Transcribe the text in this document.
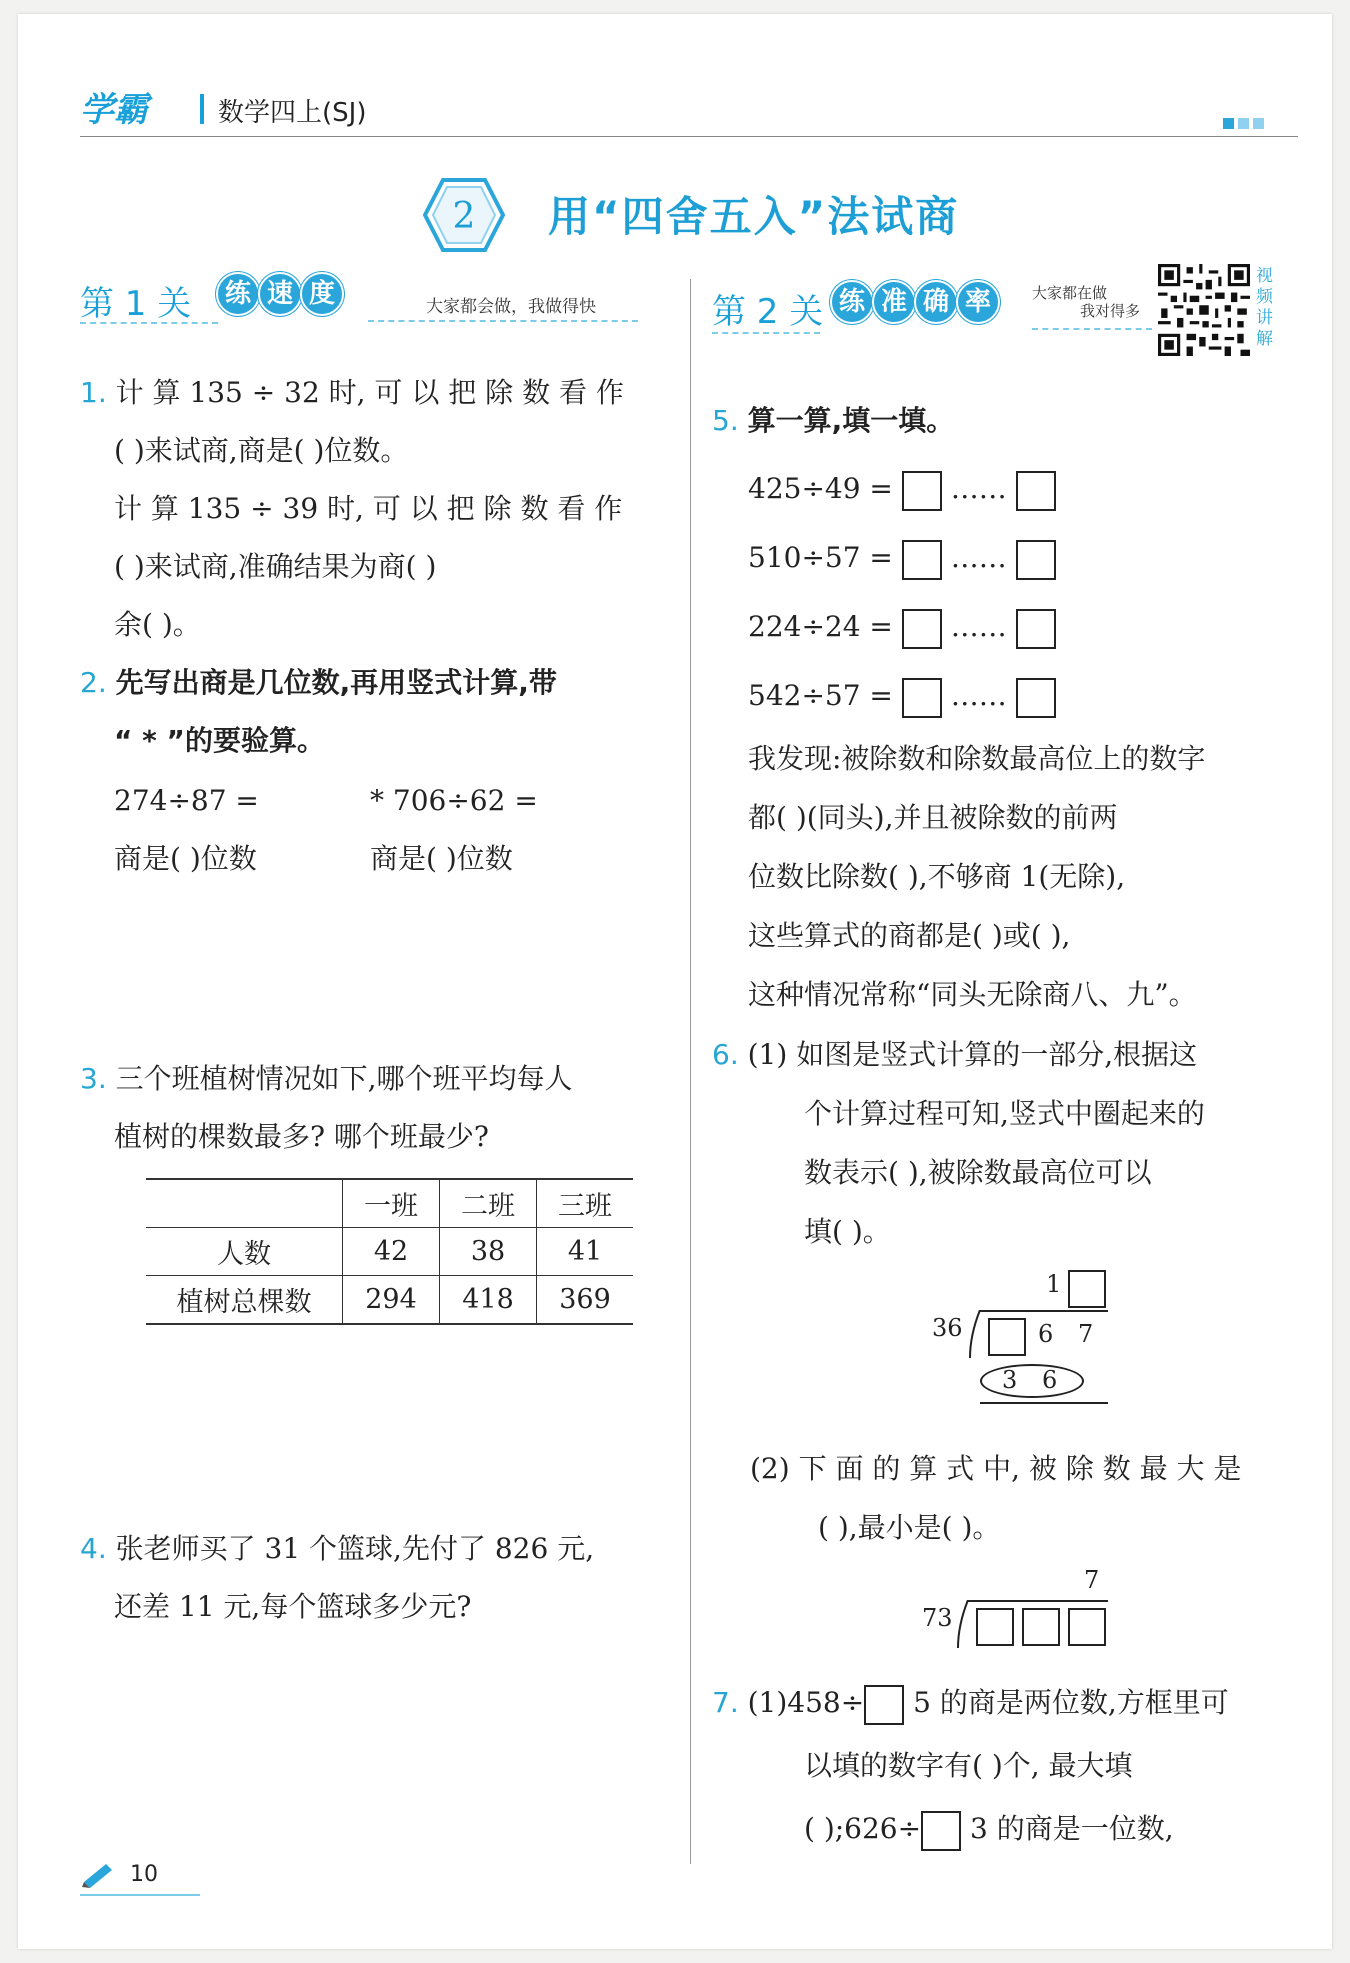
学霸	数学四上(SJ)
2 用“四舍五入”法试商
第 1 关	练 速 度	大家都会做，我做得快
1. 计 算 135 ÷ 32 时, 可 以 把 除 数 看 作
( )来试商,商是( )位数。
计 算 135 ÷ 39 时, 可 以 把 除 数 看 作
( )来试商,准确结果为商( )
余( )。
2. 先写出商是几位数,再用竖式计算,带
“ * ”的要验算。
274÷87 =	* 706÷62 =
商是( )位数	商是( )位数
3. 三个班植树情况如下,哪个班平均每人
植树的棵数最多? 哪个班最少?
	一班	二班	三班
人数	42	38	41
植树总棵数	294	418	369
4. 张老师买了 31 个篮球,先付了 826 元,
还差 11 元,每个篮球多少元?
第 2 关 练 准 确 率	大家都在做
我对得多
视
频
讲
解
5. 算一算,填一填。
425÷49 = ……
510÷57 = ……
224÷24 = ……
542÷57 = ……
我发现:被除数和除数最高位上的数字
都( )(同头),并且被除数的前两
位数比除数( ),不够商 1(无除),
这些算式的商都是( )或( ),
这种情况常称“同头无除商八、九”。
6. (1) 如图是竖式计算的一部分,根据这
个计算过程可知,竖式中圈起来的
数表示( ),被除数最高位可以
填( )。
1
36	6 7
3 6
(2) 下 面 的 算 式 中, 被 除 数 最 大 是
( ),最小是( )。
7
73
7. (1)458÷ 5 的商是两位数,方框里可
以填的数字有( )个, 最大填
( );626÷ 3 的商是一位数,
10
